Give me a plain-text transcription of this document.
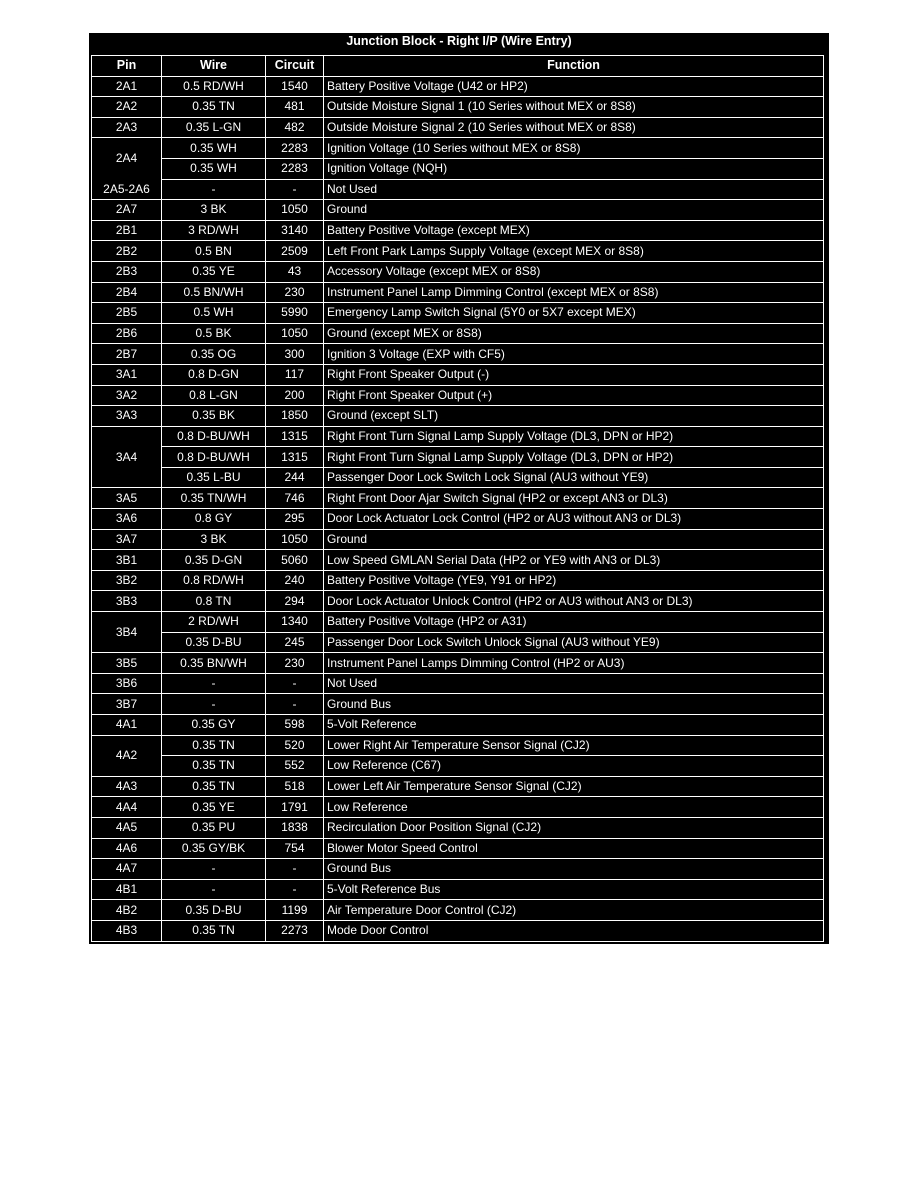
Junction Block - Right I/P (Wire Entry)
Pin	Wire	Circuit	Function
2A1	0.5 RD/WH	1540	Battery Positive Voltage (U42 or HP2)
2A2	0.35 TN	481	Outside Moisture Signal 1 (10 Series without MEX or 8S8)
2A3	0.35 L-GN	482	Outside Moisture Signal 2 (10 Series without MEX or 8S8)
2A4	0.35 WH	2283	Ignition Voltage (10 Series without MEX or 8S8)
	0.35 WH	2283	Ignition Voltage (NQH)
2A5-2A6	-	-	Not Used
2A7	3 BK	1050	Ground
2B1	3 RD/WH	3140	Battery Positive Voltage (except MEX)
2B2	0.5 BN	2509	Left Front Park Lamps Supply Voltage (except MEX or 8S8)
2B3	0.35 YE	43	Accessory Voltage (except MEX or 8S8)
2B4	0.5 BN/WH	230	Instrument Panel Lamp Dimming Control (except MEX or 8S8)
2B5	0.5 WH	5990	Emergency Lamp Switch Signal (5Y0 or 5X7 except MEX)
2B6	0.5 BK	1050	Ground (except MEX or 8S8)
2B7	0.35 OG	300	Ignition 3 Voltage (EXP with CF5)
3A1	0.8 D-GN	117	Right Front Speaker Output (-)
3A2	0.8 L-GN	200	Right Front Speaker Output (+)
3A3	0.35 BK	1850	Ground (except SLT)
3A4	0.8 D-BU/WH	1315	Right Front Turn Signal Lamp Supply Voltage (DL3, DPN or HP2)
	0.8 D-BU/WH	1315	Right Front Turn Signal Lamp Supply Voltage (DL3, DPN or HP2)
	0.35 L-BU	244	Passenger Door Lock Switch Lock Signal (AU3 without YE9)
3A5	0.35 TN/WH	746	Right Front Door Ajar Switch Signal (HP2 or except AN3 or DL3)
3A6	0.8 GY	295	Door Lock Actuator Lock Control (HP2 or AU3 without AN3 or DL3)
3A7	3 BK	1050	Ground
3B1	0.35 D-GN	5060	Low Speed GMLAN Serial Data (HP2 or YE9 with AN3 or DL3)
3B2	0.8 RD/WH	240	Battery Positive Voltage (YE9, Y91 or HP2)
3B3	0.8 TN	294	Door Lock Actuator Unlock Control (HP2 or AU3 without AN3 or DL3)
3B4	2 RD/WH	1340	Battery Positive Voltage (HP2 or A31)
	0.35 D-BU	245	Passenger Door Lock Switch Unlock Signal (AU3 without YE9)
3B5	0.35 BN/WH	230	Instrument Panel Lamps Dimming Control (HP2 or AU3)
3B6	-	-	Not Used
3B7	-	-	Ground Bus
4A1	0.35 GY	598	5-Volt Reference
4A2	0.35 TN	520	Lower Right Air Temperature Sensor Signal (CJ2)
	0.35 TN	552	Low Reference (C67)
4A3	0.35 TN	518	Lower Left Air Temperature Sensor Signal (CJ2)
4A4	0.35 YE	1791	Low Reference
4A5	0.35 PU	1838	Recirculation Door Position Signal (CJ2)
4A6	0.35 GY/BK	754	Blower Motor Speed Control
4A7	-	-	Ground Bus
4B1	-	-	5-Volt Reference Bus
4B2	0.35 D-BU	1199	Air Temperature Door Control (CJ2)
4B3	0.35 TN	2273	Mode Door Control
